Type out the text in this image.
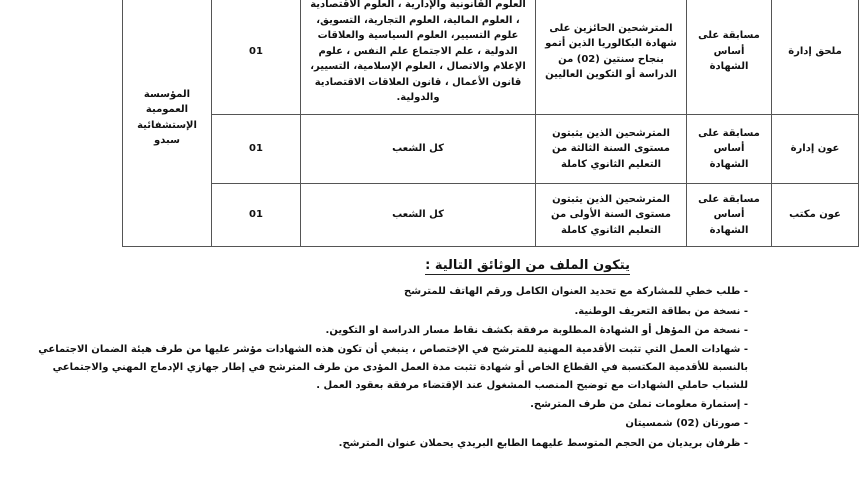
ملحق إدارة	مسابقة على أساس الشهادة	المترشحين الحائزين على شهادة البكالوريا الذين أتمو بنجاح سنتين (02) من الدراسة أو التكوين العاليين	العلوم القانونية والإدارية ، العلوم الاقتصادية ، العلوم المالية، العلوم التجارية، التسويق، علوم التسيير، العلوم السياسية والعلاقات الدولية ، علم الاجتماع علم النفس ، علوم الإعلام والاتصال ، العلوم الإسلامية، التسيير، قانون الأعمال ، قانون العلاقات الاقتصادية والدولية.	01	المؤسسة العمومية الإستشفائية سبدو
عون إدارة	مسابقة على أساس الشهادة	المترشحين الذين يثبتون مستوى السنة الثالثة من التعليم الثانوي كاملة	كل الشعب	01	
عون مكتب	مسابقة على أساس الشهادة	المترشحين الذين يثبتون مستوى السنة الأولى من التعليم الثانوي كاملة	كل الشعب	01	
يتكون الملف من الوثائق التالية :
- طلب خطي للمشاركة مع تحديد العنوان الكامل ورقم الهاتف للمترشح
- نسخة من بطاقة التعريف الوطنية.
- نسخة من المؤهل أو الشهادة المطلوبة مرفقة بكشف نقاط مسار الدراسة او التكوين.
- شهادات العمل التي تثبت الأقدمية المهنية للمترشح في الإختصاص ، ينبغي أن تكون هذه الشهادات مؤشر عليها من طرف هيئة الضمان الاجتماعي بالنسبة للأقدمية المكتسبة في القطاع الخاص أو شهادة تثبت مدة العمل المؤدى من طرف المترشح في إطار جهازي الإدماج المهني والاجتماعي للشباب حاملي الشهادات مع توضيح المنصب المشغول عند الإقتضاء مرفقة بعقود العمل .
- إستمارة معلومات تملئ من طرف المترشح.
- صورتان (02) شمسيتان
- ظرفان بريديان من الحجم المتوسط عليهما الطابع البريدي يحملان عنوان المترشح.
